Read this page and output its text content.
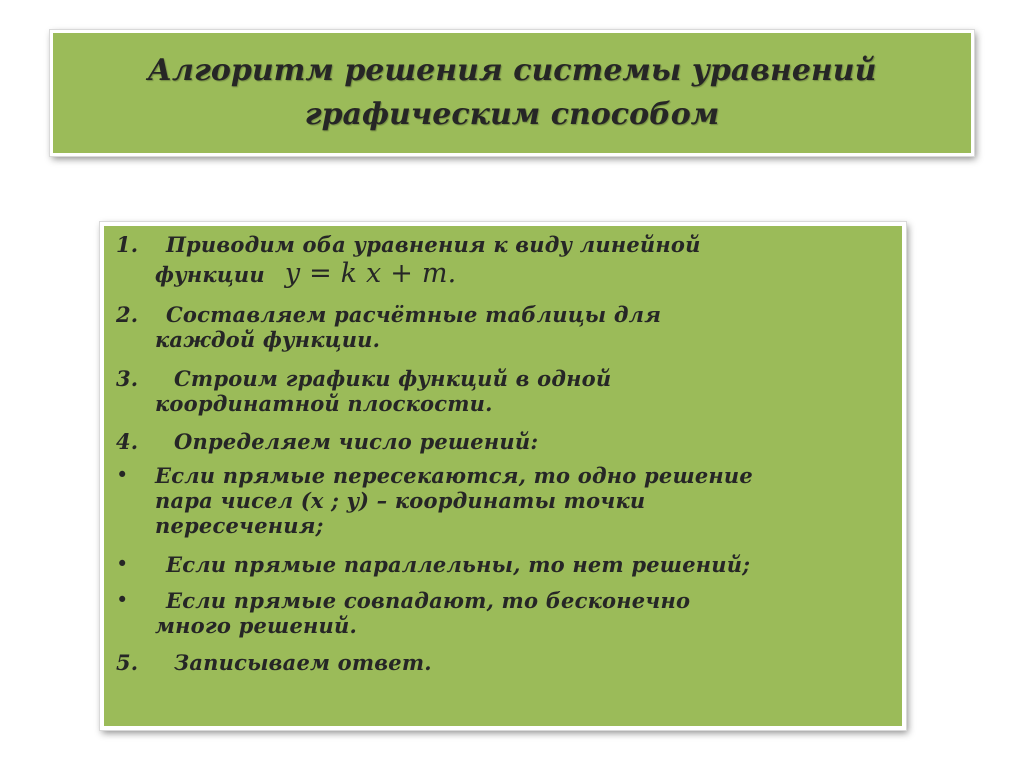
Алгоритм решения системы уравнений
графическим способом
1.	Приводим оба уравнения к виду линейной
функции y = k x + m.
2.	Составляем расчётные таблицы для
каждой функции.
3.	Строим графики функций в одной
координатной плоскости.
4.	Определяем число решений:
•	Если прямые пересекаются, то одно решение
пара чисел (x ; y) – координаты точки
пересечения;
•	Если прямые параллельны, то нет решений;
•	Если прямые совпадают, то бесконечно
много решений.
5.	Записываем ответ.
